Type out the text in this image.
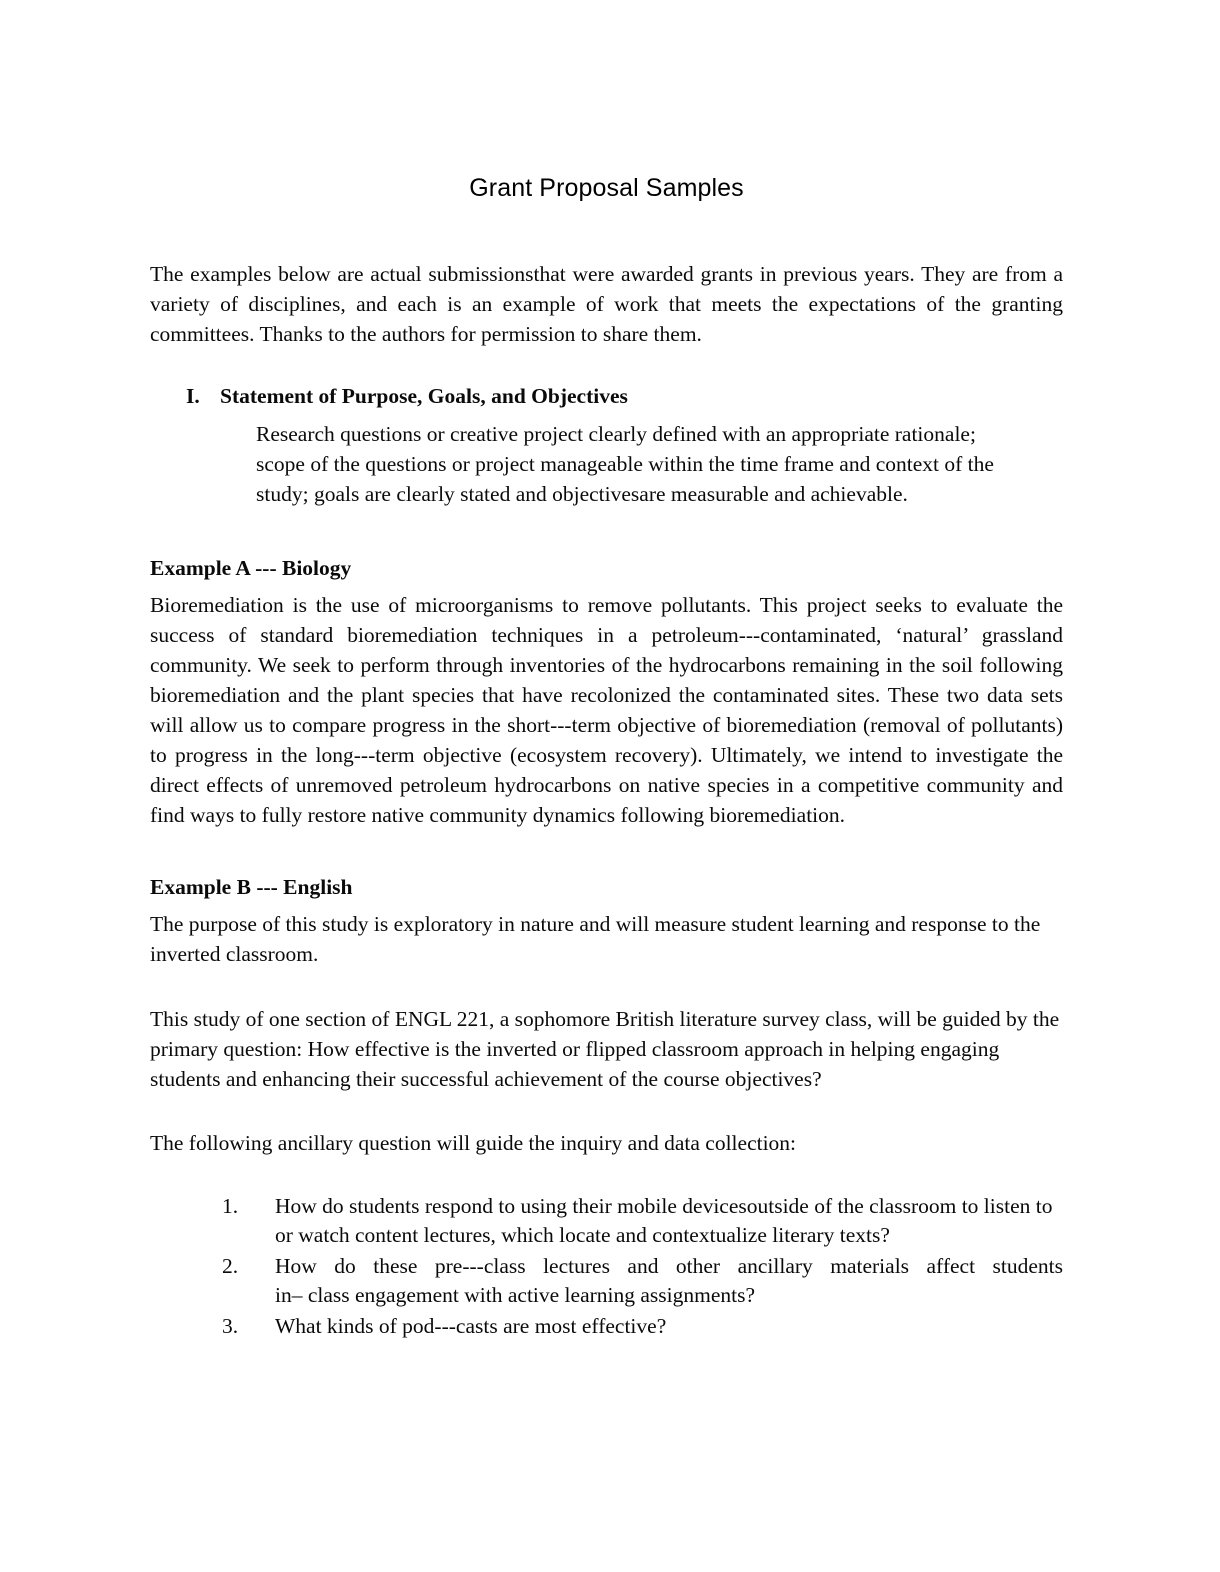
Grant Proposal Samples

The examples below are actual submissionsthat were awarded grants in previous years. They are from a variety of disciplines, and each is an example of work that meets the expectations of the granting committees. Thanks to the authors for permission to share them.

I. Statement of Purpose, Goals, and Objectives

Research questions or creative project clearly defined with an appropriate rationale; scope of the questions or project manageable within the time frame and context of the study; goals are clearly stated and objectivesare measurable and achievable.

Example A --- Biology

Bioremediation is the use of microorganisms to remove pollutants. This project seeks to evaluate the success of standard bioremediation techniques in a petroleum---contaminated, ‘natural’ grassland community. We seek to perform through inventories of the hydrocarbons remaining in the soil following bioremediation and the plant species that have recolonized the contaminated sites. These two data sets will allow us to compare progress in the short---term objective of bioremediation (removal of pollutants) to progress in the long---term objective (ecosystem recovery). Ultimately, we intend to investigate the direct effects of unremoved petroleum hydrocarbons on native species in a competitive community and find ways to fully restore native community dynamics following bioremediation.

Example B --- English

The purpose of this study is exploratory in nature and will measure student learning and response to the inverted classroom.

This study of one section of ENGL 221, a sophomore British literature survey class, will be guided by the primary question: How effective is the inverted or flipped classroom approach in helping engaging students and enhancing their successful achievement of the course objectives?

The following ancillary question will guide the inquiry and data collection:

1.	How do students respond to using their mobile devicesoutside of the classroom to listen to or watch content lectures, which locate and contextualize literary texts?
2.	How do these pre---class lectures and other ancillary materials affect students
in– class engagement with active learning assignments?
3.	What kinds of pod---casts are most effective?
